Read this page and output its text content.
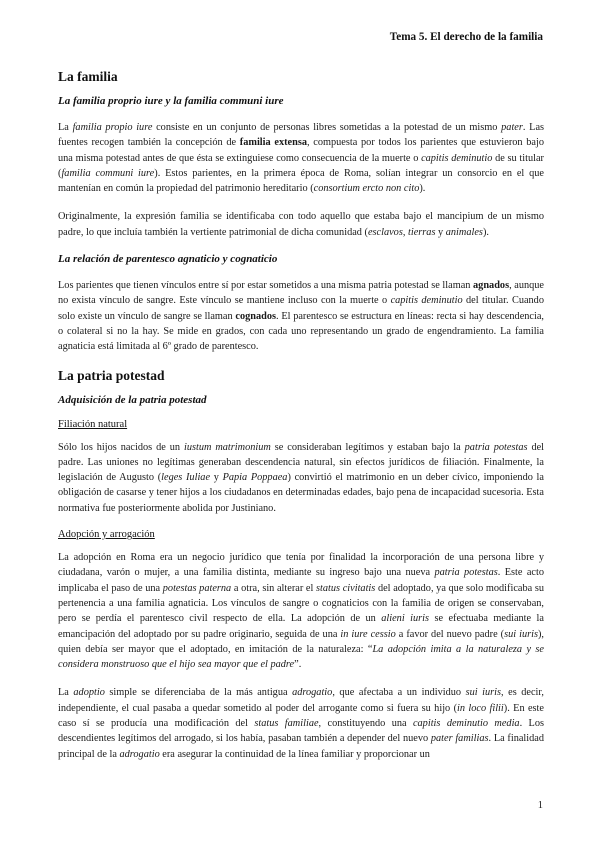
Tema 5. El derecho de la familia
La familia
La familia proprio iure y la familia communi iure

La familia propio iure consiste en un conjunto de personas libres sometidas a la potestad de un mismo pater. Las fuentes recogen también la concepción de familia extensa, compuesta por todos los parientes que estuvieron bajo una misma potestad antes de que ésta se extinguiese como consecuencia de la muerte o capitis deminutio de su titular (familia communi iure). Estos parientes, en la primera época de Roma, solían integrar un consorcio en el que mantenían en común la propiedad del patrimonio hereditario (consortium ercto non cito).

Originalmente, la expresión familia se identificaba con todo aquello que estaba bajo el mancipium de un mismo padre, lo que incluía también la vertiente patrimonial de dicha comunidad (esclavos, tierras y animales).

La relación de parentesco agnaticio y cognaticio

Los parientes que tienen vínculos entre sí por estar sometidos a una misma patria potestad se llaman agnados, aunque no exista vínculo de sangre. Este vínculo se mantiene incluso con la muerte o capitis deminutio del titular. Cuando solo existe un vínculo de sangre se llaman cognados. El parentesco se estructura en líneas: recta si hay descendencia, o colateral si no la hay. Se mide en grados, con cada uno representando un grado de engendramiento. La familia agnaticia está limitada al 6º grado de parentesco.

La patria potestad
Adquisición de la patria potestad
Filiación natural

Sólo los hijos nacidos de un iustum matrimonium se consideraban legítimos y estaban bajo la patria potestas del padre. Las uniones no legítimas generaban descendencia natural, sin efectos jurídicos de filiación. Finalmente, la legislación de Augusto (leges Iuliae y Papia Poppaea) convirtió el matrimonio en un deber cívico, imponiendo la obligación de casarse y tener hijos a los ciudadanos en determinadas edades, bajo pena de incapacidad sucesoria. Esta normativa fue posteriormente abolida por Justiniano.

Adopción y arrogación

La adopción en Roma era un negocio jurídico que tenía por finalidad la incorporación de una persona libre y ciudadana, varón o mujer, a una familia distinta, mediante su ingreso bajo una nueva patria potestas. Este acto implicaba el paso de una potestas paterna a otra, sin alterar el status civitatis del adoptado, ya que solo modificaba su pertenencia a una familia agnaticia. Los vínculos de sangre o cognaticios con la familia de origen se conservaban, pero se perdía el parentesco civil respecto de ella. La adopción de un alieni iuris se efectuaba mediante la emancipación del adoptado por su padre originario, seguida de una in iure cessio a favor del nuevo padre (sui iuris), quien debía ser mayor que el adoptado, en imitación de la naturaleza: “La adopción imita a la naturaleza y se considera monstruoso que el hijo sea mayor que el padre”.

La adoptio simple se diferenciaba de la más antigua adrogatio, que afectaba a un individuo sui iuris, es decir, independiente, el cual pasaba a quedar sometido al poder del arrogante como si fuera su hijo (in loco filii). En este caso sí se producía una modificación del status familiae, constituyendo una capitis deminutio media. Los descendientes legítimos del arrogado, si los había, pasaban también a depender del nuevo pater familias. La finalidad principal de la adrogatio era asegurar la continuidad de la línea familiar y proporcionar un

1
